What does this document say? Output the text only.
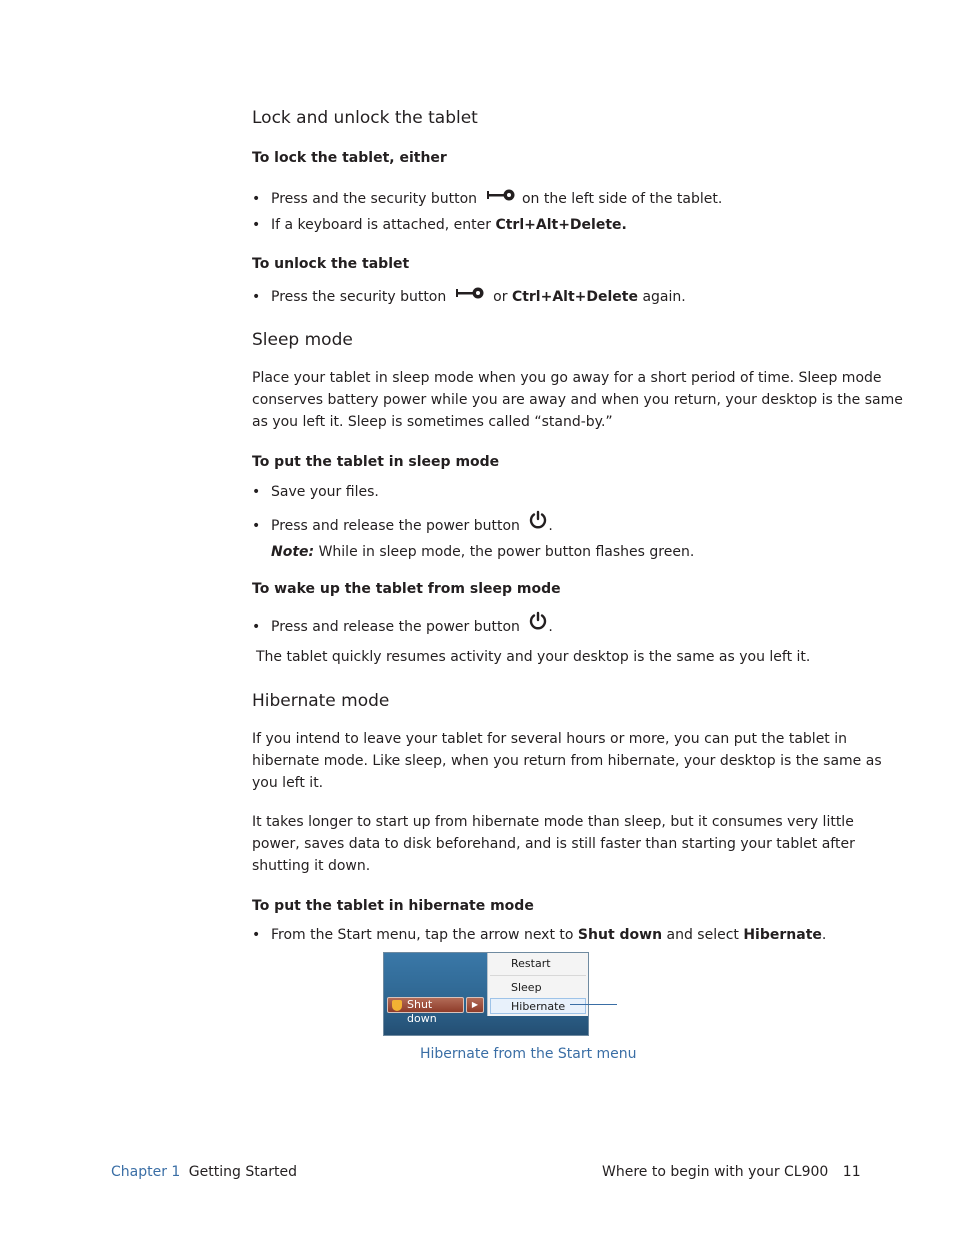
Lock and unlock the tablet
To lock the tablet, either
• Press and the security button	on the left side of the tablet.
• If a keyboard is attached, enter Ctrl+Alt+Delete.
To unlock the tablet
• Press the security button	or Ctrl+Alt+Delete again.
Sleep mode
Place your tablet in sleep mode when you go away for a short period of time. Sleep mode
conserves battery power while you are away and when you return, your desktop is the same
as you left it. Sleep is sometimes called “stand-by.”
To put the tablet in sleep mode
• Save your files.
• Press and release the power button .
Note: While in sleep mode, the power button flashes green.
To wake up the tablet from sleep mode
• Press and release the power button .
The tablet quickly resumes activity and your desktop is the same as you left it.
Hibernate mode
If you intend to leave your tablet for several hours or more, you can put the tablet in
hibernate mode. Like sleep, when you return from hibernate, your desktop is the same as
you left it.
It takes longer to start up from hibernate mode than sleep, but it consumes very little
power, saves data to disk beforehand, and is still faster than starting your tablet after
shutting it down.
To put the tablet in hibernate mode
• From the Start menu, tap the arrow next to Shut down and select Hibernate.
Restart
Sleep
Hibernate
Shut down
▶
Hibernate from the Start menu
Chapter 1 Getting Started	Where to begin with your CL900 11
